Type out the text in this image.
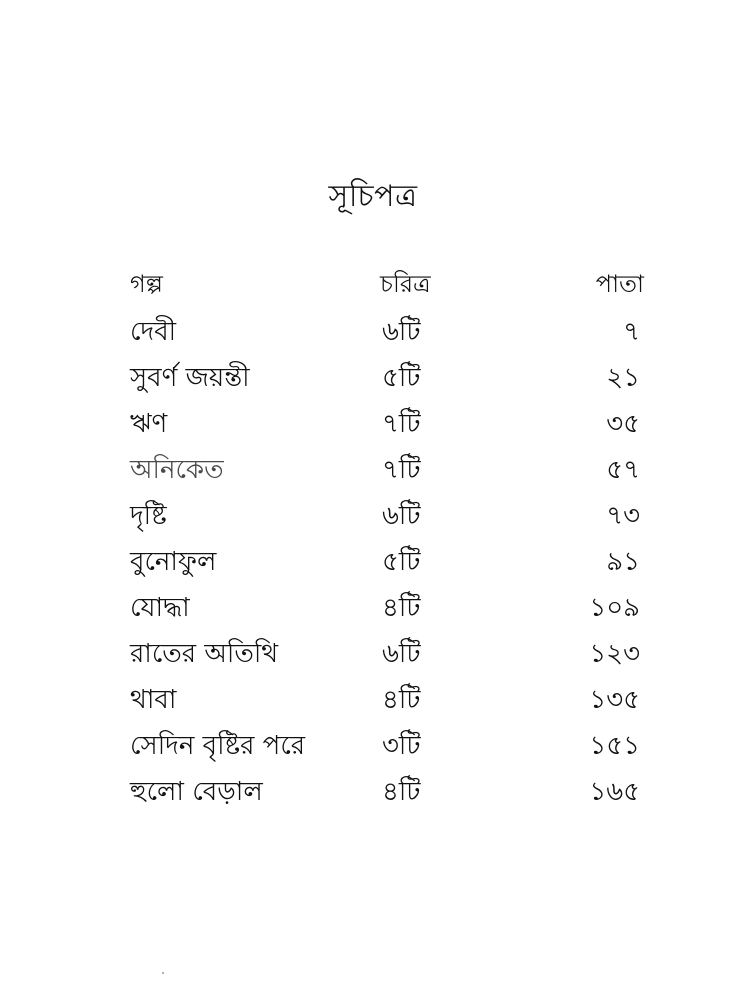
সূচিপত্র
গল্প	চরিত্র	পাতা
দেবী	৬টি	৭
সুবর্ণ জয়ন্তী	৫টি	২১
ঋণ	৭টি	৩৫
অনিকেত	৭টি	৫৭
দৃষ্টি	৬টি	৭৩
বুনোফুল	৫টি	৯১
যোদ্ধা	৪টি	১০৯
রাতের অতিথি	৬টি	১২৩
থাবা	৪টি	১৩৫
সেদিন বৃষ্টির পরে	৩টি	১৫১
হুলো বেড়াল	৪টি	১৬৫
